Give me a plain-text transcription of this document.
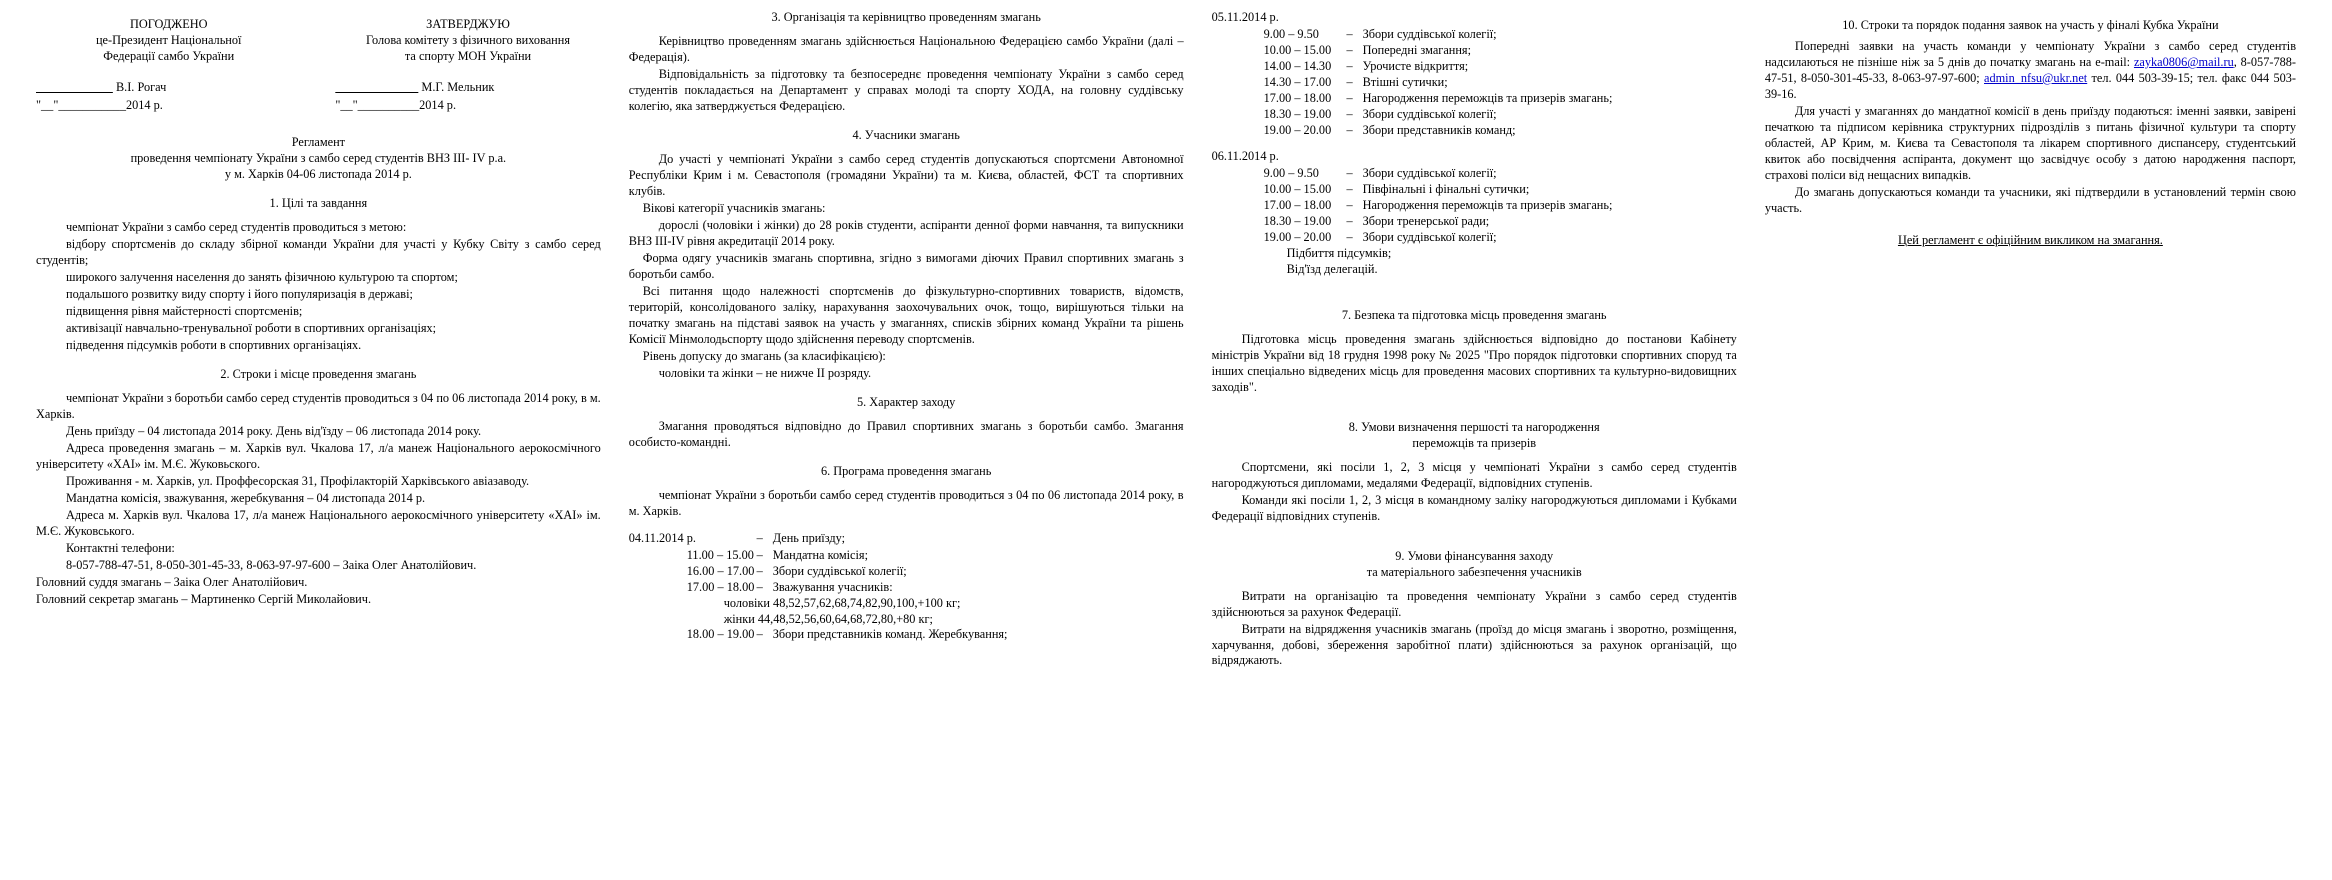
ПОГОДЖЕНО
це-Президент Національної
Федерації самбо України
В.І. Рогач
"__"___________2014 р.
ЗАТВЕРДЖУЮ
Голова комітету з фізичного виховання
та спорту МОН України
М.Г. Мельник
"__"__________2014 р.
Регламент
проведення чемпіонату України з самбо серед студентів ВНЗ ІІІ- ІV р.а.
у м. Харків 04-06 листопада 2014 р.
1. Цілі та завдання

чемпіонат України з самбо серед студентів проводиться з метою:

відбору спортсменів до складу збірної команди України для участі у Кубку Світу з самбо серед студентів;

широкого залучення населення до занять фізичною культурою та спортом;

подальшого розвитку виду спорту і його популяризація в державі;

підвищення рівня майстерності спортсменів;

активізації навчально-тренувальної роботи в спортивних організаціях;

підведення підсумків роботи в спортивних організаціях.

2. Строки і місце проведення змагань

чемпіонат України з боротьби самбо серед студентів проводиться з 04 по 06 листопада 2014 року, в м. Харків.

День приїзду – 04 листопада 2014 року. День від'їзду – 06 листопада 2014 року.

Адреса проведення змагань – м. Харків вул. Чкалова 17, л/а манеж Національного аерокосмічного університету «ХАІ» ім. М.Є. Жуковьского.

Проживання - м. Харків, ул. Проффесорская 31, Профілакторій Харківського авіазаводу.

Мандатна комісія, зважування, жеребкування – 04 листопада 2014 р.

Адреса м. Харків вул. Чкалова 17, л/а манеж Національного аерокосмічного університету «ХАІ» ім. М.Є. Жуковського.

Контактні телефони:

8-057-788-47-51, 8-050-301-45-33, 8-063-97-97-600 – Заіка Олег Анатолійович.

Головний суддя змагань – Заіка Олег Анатолійович.

Головний секретар змагань – Мартиненко Сергій Миколайович.

3. Організація та керівництво проведенням змагань

Керівництво проведенням змагань здійснюється Національною Федерацією самбо України (далі –Федерація).

Відповідальність за підготовку та безпосереднє проведення чемпіонату України з самбо серед студентів покладається на Департамент у справах молоді та спорту ХОДА, на головну суддівську колегію, яка затверджується Федерацією.

4. Учасники змагань

До участі у чемпіонаті України з самбо серед студентів допускаються спортсмени Автономної Республіки Крим і м. Севастополя (громадяни України) та м. Києва, областей, ФСТ та спортивних клубів.

Вікові категорії учасників змагань:

дорослі (чоловіки і жінки) до 28 років студенти, аспіранти денної форми навчання, та випускники ВНЗ ІІІ-ІV рівня акредитації 2014 року.

Форма одягу учасників змагань спортивна, згідно з вимогами діючих Правил спортивних змагань з боротьби самбо.

Всі питання щодо належності спортсменів до фізкультурно-спортивних товариств, відомств, територій, консолідованого заліку, нарахування заохочувальних очок, тощо, вирішуються тільки на початку змагань на підставі заявок на участь у змаганнях, списків збірних команд України та рішень Комісії Мінмолодьспорту щодо здійснення переводу спортсменів.

Рівень допуску до змагань (за класифікацією):

чоловіки та жінки – не нижче ІІ розряду.

5. Характер заходу

Змагання проводяться відповідно до Правил спортивних змагань з боротьби самбо. Змагання особисто-командні.

6. Програма проведення змагань

чемпіонат України з боротьби самбо серед студентів проводиться з 04 по 06 листопада 2014 року, в м. Харків.

04.11.2014 р.	– День приїзду;
11.00 – 15.00 – Мандатна комісія;
16.00 – 17.00 – Збори суддівської колегії;
17.00 – 18.00 – Зважування учасників:

чоловіки 48,52,57,62,68,74,82,90,100,+100 кг;

жінки 44,48,52,56,60,64,68,72,80,+80 кг;

18.00 – 19.00 – Збори представників команд. Жеребкування;

05.11.2014 р.

9.00 – 9.50	– Збори суддівської колегії;
10.00 – 15.00	– Попередні змагання;
14.00 – 14.30	– Урочисте відкриття;
14.30 – 17.00	– Втішні сутички;
17.00 – 18.00	– Нагородження переможців та призерів змагань;
18.30 – 19.00	– Збори суддівської колегії;
19.00 – 20.00	– Збори представників команд;

06.11.2014 р.

9.00 – 9.50	– Збори суддівської колегії;
10.00 – 15.00	– Півфінальні і фінальні сутички;
17.00 – 18.00	– Нагородження переможців та призерів змагань;
18.30 – 19.00	– Збори тренерської ради;
19.00 – 20.00	– Збори суддівської колегії;

Підбиття підсумків;

Від'їзд делегацій.

7. Безпека та підготовка місць проведення змагань

Підготовка місць проведення змагань здійснюється відповідно до постанови Кабінету міністрів України від 18 грудня 1998 року № 2025 "Про порядок підготовки спортивних споруд та інших спеціально відведених місць для проведення масових спортивних та культурно-видовищних заходів".

8. Умови визначення першості та нагородження
переможців та призерів

Спортсмени, які посіли 1, 2, 3 місця у чемпіонаті України з самбо серед студентів нагороджуються дипломами, медалями Федерації, відповідних ступенів.

Команди які посіли 1, 2, 3 місця в командному заліку нагороджуються дипломами і Кубками Федерації відповідних ступенів.

9. Умови фінансування заходу
та матеріального забезпечення учасників

Витрати на організацію та проведення чемпіонату України з самбо серед студентів здійснюються за рахунок Федерації.

Витрати на відрядження учасників змагань (проїзд до місця змагань і зворотно, розміщення, харчування, добові, збереження заробітної плати) здійснюються за рахунок організацій, що відряджають.

10. Строки та порядок подання заявок на участь у фіналі Кубка України

Попередні заявки на участь команди у чемпіонату України з самбо серед студентів надсилаються не пізніше ніж за 5 днів до початку змагань на e-mail: zayka0806@mail.ru, 8-057-788-47-51, 8-050-301-45-33, 8-063-97-97-600; admin_nfsu@ukr.net тел. 044 503-39-15; тел. факс 044 503-39-16.

Для участі у змаганнях до мандатної комісії в день приїзду подаються: іменні заявки, завірені печаткою та підписом керівника структурних підрозділів з питань фізичної культури та спорту областей, АР Крим, м. Києва та Севастополя та лікарем спортивного диспансеру, студентський квиток або посвідчення аспіранта, документ що засвідчує особу з датою народження паспорт, страхові поліси від нещасних випадків.

До змагань допускаються команди та учасники, які підтвердили в установлений термін свою участь.

Цей регламент є офіційним викликом на змагання.
